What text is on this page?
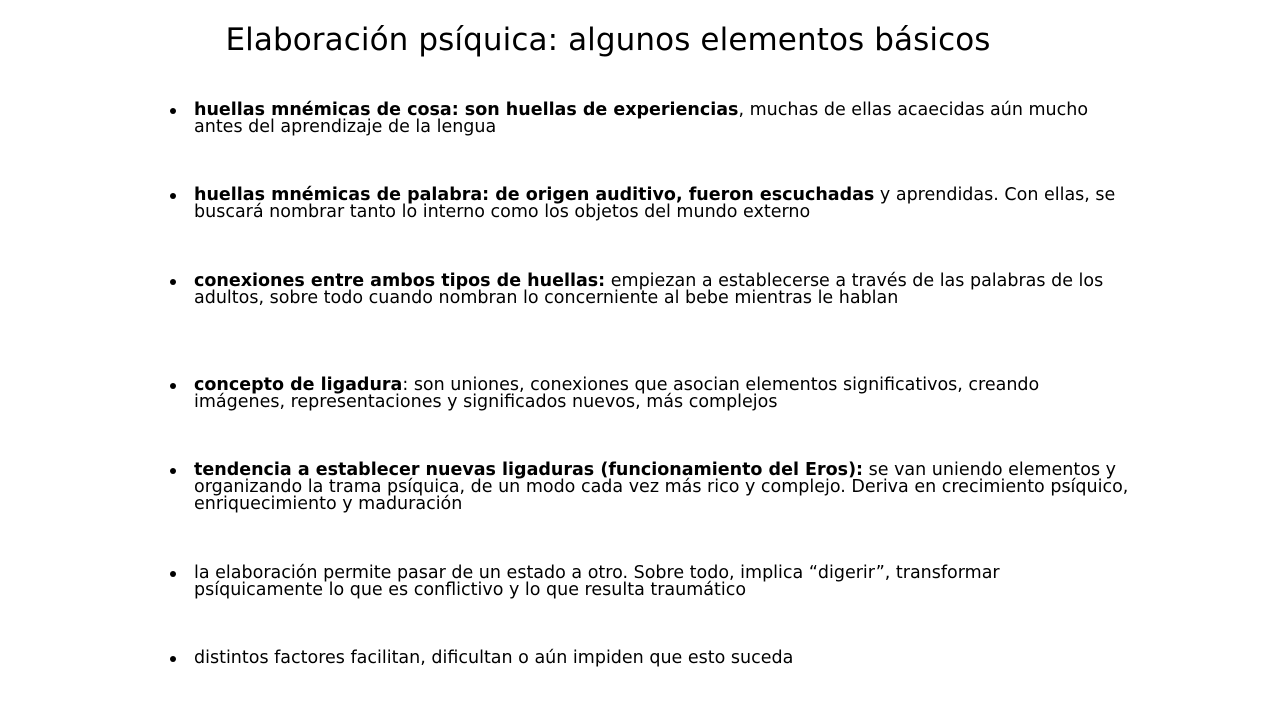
Elaboración psíquica: algunos elementos básicos
huellas mnémicas de cosa: son huellas de experiencias, muchas de ellas acaecidas aún mucho antes del aprendizaje de la lengua
huellas mnémicas de palabra: de origen auditivo, fueron escuchadas y aprendidas. Con ellas, se buscará nombrar tanto lo interno como los objetos del mundo externo
conexiones entre ambos tipos de huellas: empiezan a establecerse a través de las palabras de los adultos, sobre todo cuando nombran lo concerniente al bebe mientras le hablan
concepto de ligadura: son uniones, conexiones que asocian elementos significativos, creando imágenes, representaciones y significados nuevos, más complejos
tendencia a establecer nuevas ligaduras (funcionamiento del Eros): se van uniendo elementos y organizando la trama psíquica, de un modo cada vez más rico y complejo. Deriva en crecimiento psíquico, enriquecimiento y maduración
la elaboración permite pasar de un estado a otro. Sobre todo, implica “digerir”, transformar psíquicamente lo que es conflictivo y lo que resulta traumático
distintos factores facilitan, dificultan o aún impiden que esto suceda
